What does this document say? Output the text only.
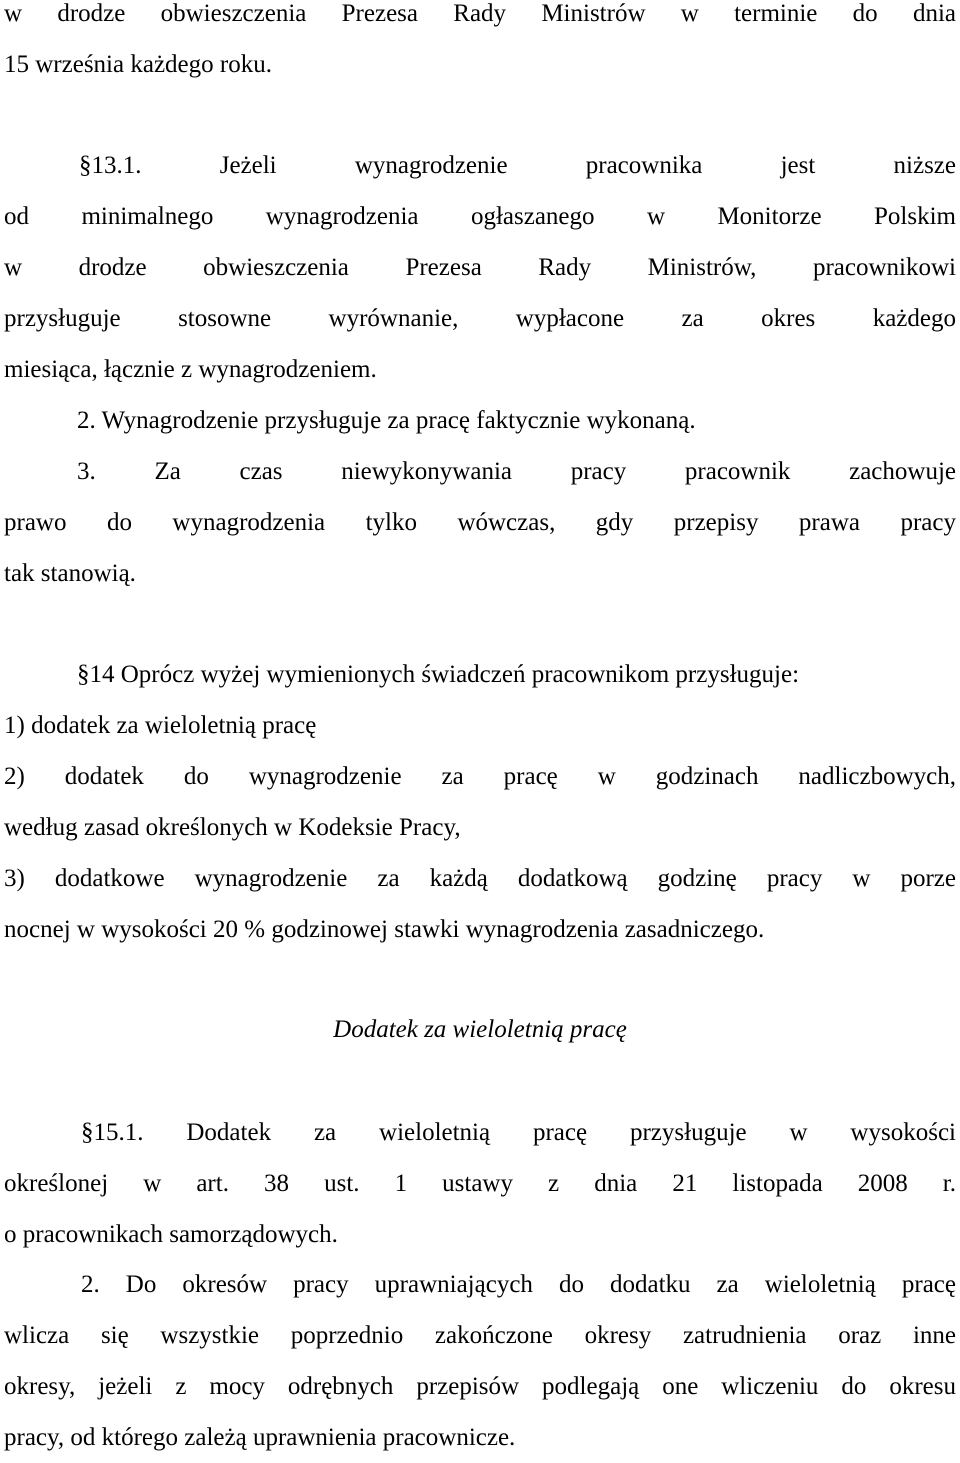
w drodze obwieszczenia Prezesa Rady Ministrów w terminie do dnia
15 września każdego roku.
§13.1. Jeżeli wynagrodzenie pracownika jest niższe
od minimalnego wynagrodzenia ogłaszanego w Monitorze Polskim
w drodze obwieszczenia Prezesa Rady Ministrów, pracownikowi
przysługuje stosowne wyrównanie, wypłacone za okres każdego
miesiąca, łącznie z wynagrodzeniem.
2. Wynagrodzenie przysługuje za pracę faktycznie wykonaną.
3. Za czas niewykonywania pracy pracownik zachowuje
prawo do wynagrodzenia tylko wówczas, gdy przepisy prawa pracy
tak stanowią.
§14 Oprócz wyżej wymienionych świadczeń pracownikom przysługuje:
1) dodatek za wieloletnią pracę
2) dodatek do wynagrodzenie za pracę w godzinach nadliczbowych,
według zasad określonych w Kodeksie Pracy,
3) dodatkowe wynagrodzenie za każdą dodatkową godzinę pracy w porze
nocnej w wysokości 20 % godzinowej stawki wynagrodzenia zasadniczego.
Dodatek za wieloletnią pracę
§15.1. Dodatek za wieloletnią pracę przysługuje w wysokości
określonej w art. 38 ust. 1 ustawy z dnia 21 listopada 2008 r.
o pracownikach samorządowych.
2. Do okresów pracy uprawniających do dodatku za wieloletnią pracę
wlicza się wszystkie poprzednio zakończone okresy zatrudnienia oraz inne
okresy, jeżeli z mocy odrębnych przepisów podlegają one wliczeniu do okresu
pracy, od którego zależą uprawnienia pracownicze.
